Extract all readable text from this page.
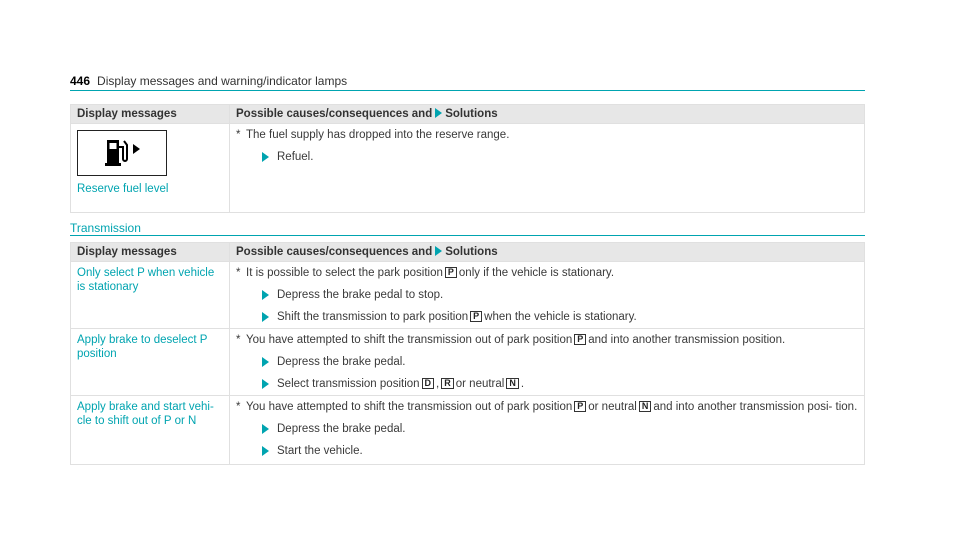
446 Display messages and warning/indicator lamps
Display messages	Possible causes/consequences and Solutions

Reserve fuel level	* The fuel supply has dropped into the reserve range.
Refuel.
Transmission
Display messages	Possible causes/consequences and Solutions
Only select P when vehicle is stationary	* It is possible to select the park position P only if the vehicle is stationary.
Depress the brake pedal to stop.
Shift the transmission to park position P when the vehicle is stationary.

Apply brake to deselect P position	* You have attempted to shift the transmission out of park position P and into another transmission position.
Depress the brake pedal.
Select transmission position D , R or neutral N .

Apply brake and start vehi- cle to shift out of P or N	* You have attempted to shift the transmission out of park position P or neutral N and into another transmission posi- tion.
Depress the brake pedal.
Start the vehicle.
